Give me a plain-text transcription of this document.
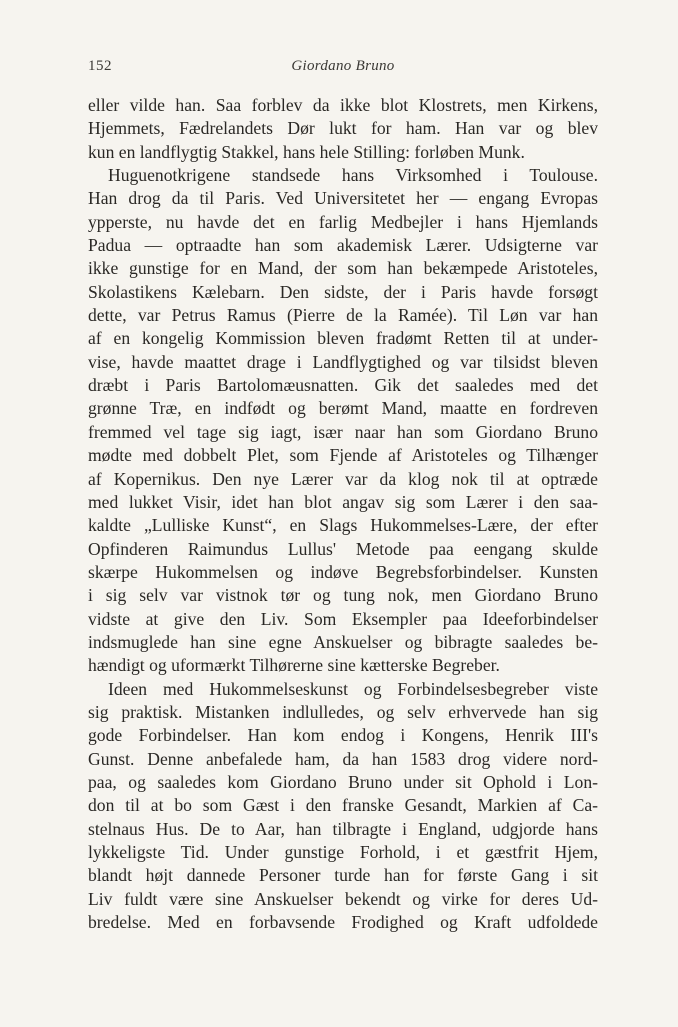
152	Giordano Bruno
eller vilde han. Saa forblev da ikke blot Klostrets, men Kirkens,
Hjemmets, Fædrelandets Dør lukt for ham. Han var og blev
kun en landflygtig Stakkel, hans hele Stilling: forløben Munk.
Huguenotkrigene standsede hans Virksomhed i Toulouse.
Han drog da til Paris. Ved Universitetet her — engang Evropas
ypperste, nu havde det en farlig Medbejler i hans Hjemlands
Padua — optraadte han som akademisk Lærer. Udsigterne var
ikke gunstige for en Mand, der som han bekæmpede Aristoteles,
Skolastikens Kælebarn. Den sidste, der i Paris havde forsøgt
dette, var Petrus Ramus (Pierre de la Ramée). Til Løn var han
af en kongelig Kommission bleven fradømt Retten til at under-
vise, havde maattet drage i Landflygtighed og var tilsidst bleven
dræbt i Paris Bartolomæusnatten. Gik det saaledes med det
grønne Træ, en indfødt og berømt Mand, maatte en fordreven
fremmed vel tage sig iagt, især naar han som Giordano Bruno
mødte med dobbelt Plet, som Fjende af Aristoteles og Tilhænger
af Kopernikus. Den nye Lærer var da klog nok til at optræde
med lukket Visir, idet han blot angav sig som Lærer i den saa-
kaldte „Lulliske Kunst“, en Slags Hukommelses-Lære, der efter
Opfinderen Raimundus Lullus' Metode paa eengang skulde
skærpe Hukommelsen og indøve Begrebsforbindelser. Kunsten
i sig selv var vistnok tør og tung nok, men Giordano Bruno
vidste at give den Liv. Som Eksempler paa Ideeforbindelser
indsmuglede han sine egne Anskuelser og bibragte saaledes be-
hændigt og uformærkt Tilhørerne sine kætterske Begreber.
Ideen med Hukommelseskunst og Forbindelsesbegreber viste
sig praktisk. Mistanken indlulledes, og selv erhvervede han sig
gode Forbindelser. Han kom endog i Kongens, Henrik III's
Gunst. Denne anbefalede ham, da han 1583 drog videre nord-
paa, og saaledes kom Giordano Bruno under sit Ophold i Lon-
don til at bo som Gæst i den franske Gesandt, Markien af Ca-
stelnaus Hus. De to Aar, han tilbragte i England, udgjorde hans
lykkeligste Tid. Under gunstige Forhold, i et gæstfrit Hjem,
blandt højt dannede Personer turde han for første Gang i sit
Liv fuldt være sine Anskuelser bekendt og virke for deres Ud-
bredelse. Med en forbavsende Frodighed og Kraft udfoldede
